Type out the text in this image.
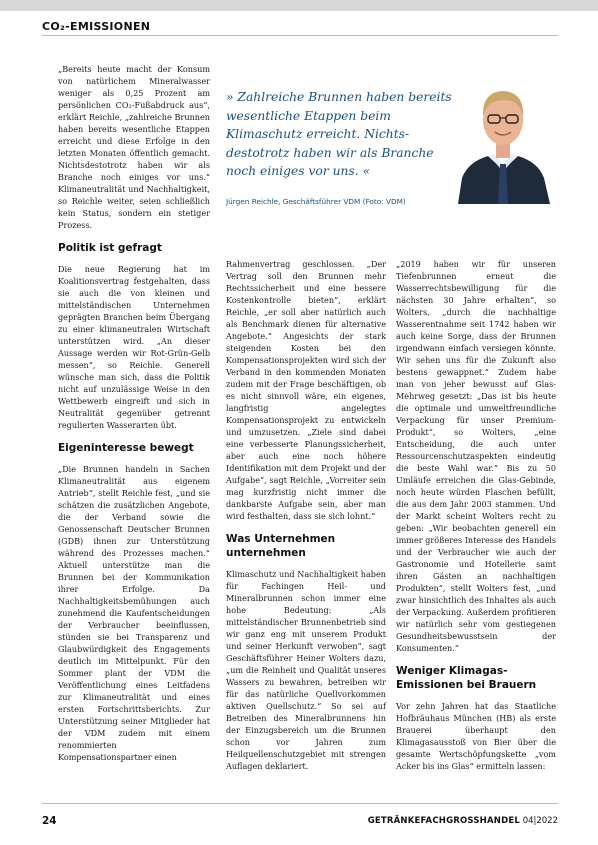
CO₂-EMISSIONEN
» Zahlreiche Brunnen haben bereits wesentliche Etappen beim Klimaschutz erreicht. Nichtsdestotrotz haben wir als Branche noch einiges vor uns. «
Jürgen Reichle, Geschäftsführer VDM (Foto: VDM)

„Bereits heute macht der Konsum von natürlichem Mineralwasser weniger als 0,25 Prozent am persönlichen CO₂-Fußabdruck aus“, erklärt Reichle, „zahlreiche Brunnen haben bereits wesentliche Etappen erreicht und diese Erfolge in den letzten Monaten öffentlich gemacht. Nichtsdestotrotz haben wir als Branche noch einiges vor uns.“ Klimaneutralität und Nachhaltigkeit, so Reichle weiter, seien schließlich kein Status, sondern ein stetiger Prozess.

Politik ist gefragt

Die neue Regierung hat im Koalitionsvertrag festgehalten, dass sie auch die von kleinen und mittelständischen Unternehmen geprägten Branchen beim Übergang zu einer klimaneutralen Wirtschaft unterstützen wird. „An dieser Aussage werden wir Rot-Grün-Gelb messen“, so Reichle. Generell wünsche man sich, dass die Politik nicht auf unzulässige Weise in den Wettbewerb eingreift und sich in Neutralität gegenüber getrennt regulierten Wasserarten übt.

Eigeninteresse bewegt

„Die Brunnen handeln in Sachen Klimaneutralität aus eigenem Antrieb“, stellt Reichle fest, „und sie schätzen die zusätzlichen Angebote, die der Verband sowie die Genossenschaft Deutscher Brunnen (GDB) ihnen zur Unterstützung während des Prozesses machen.“ Aktuell unterstütze man die Brunnen bei der Kommunikation ihrer Erfolge. Da Nachhaltigkeitsbemühungen auch zunehmend die Kaufentscheidungen der Verbraucher beeinflussen, stünden sie bei Transparenz und Glaubwürdigkeit des Engagements deutlich im Mittelpunkt. Für den Sommer plant der VDM die Veröffentlichung eines Leitfadens zur Klimaneutralität und eines ersten Fortschrittsberichts. Zur Unterstützung seiner Mitglieder hat der VDM zudem mit einem renommierten Kompensationspartner einen

Rahmenvertrag geschlossen. „Der Vertrag soll den Brunnen mehr Rechtssicherheit und eine bessere Kostenkontrolle bieten“, erklärt Reichle, „er soll aber natürlich auch als Benchmark dienen für alternative Angebote.“ Angesichts der stark steigenden Kosten bei den Kompensationsprojekten wird sich der Verband in den kommenden Monaten zudem mit der Frage beschäftigen, ob es nicht sinnvoll wäre, ein eigenes, langfristig angelegtes Kompensationsprojekt zu entwickeln und umzusetzen. „Ziele sind dabei eine verbesserte Planungssicherheit, aber auch eine noch höhere Identifikation mit dem Projekt und der Aufgabe“, sagt Reichle, „Vorreiter sein mag kurzfristig nicht immer die dankbarste Aufgabe sein, aber man wird festhalten, dass sie sich lohnt.“

Was Unternehmen unternehmen

Klimaschutz und Nachhaltigkeit haben für Fachingen Heil- und Mineralbrunnen schon immer eine hohe Bedeutung: „Als mittelständischer Brunnenbetrieb sind wir ganz eng mit unserem Produkt und seiner Herkunft verwoben“, sagt Geschäftsführer Heiner Wolters dazu, „um die Reinheit und Qualität unseres Wassers zu bewahren, betreiben wir für das natürliche Quellvorkommen aktiven Quellschutz.“ So sei auf Betreiben des Mineralbrunnens hin der Einzugsbereich um die Brunnen schon vor Jahren zum Heilquellenschutzgebiet mit strengen Auflagen deklariert.

„2019 haben wir für unseren Tiefenbrunnen erneut die Wasserrechtsbewilligung für die nächsten 30 Jahre erhalten“, so Wolters, „durch die nachhaltige Wasserentnahme seit 1742 haben wir auch keine Sorge, dass der Brunnen irgendwann einfach versiegen könnte. Wir sehen uns für die Zukunft also bestens gewappnet.“ Zudem habe man von jeher bewusst auf Glas-Mehrweg gesetzt: „Das ist bis heute die optimale und umweltfreundliche Verpackung für unser Premium-Produkt“, so Wolters, „eine Entscheidung, die auch unter Ressourcenschutzaspekten eindeutig die beste Wahl war.“ Bis zu 50 Umläufe erreichen die Glas-Gebinde, noch heute würden Flaschen befüllt, die aus dem Jahr 2003 stammen. Und der Markt scheint Wolters recht zu geben: „Wir beobachten generell ein immer größeres Interesse des Handels und der Verbraucher wie auch der Gastronomie und Hotellerie samt ihren Gästen an nachhaltigen Produkten“, stellt Wolters fest, „und zwar hinsichtlich des Inhaltes als auch der Verpackung. Außerdem profitieren wir natürlich sehr vom gestiegenen Gesundheitsbewusstsein der Konsumenten.“

Weniger Klimagas-Emissionen bei Brauern

Vor zehn Jahren hat das Staatliche Hofbräuhaus München (HB) als erste Brauerei überhaupt den Klimagasausstoß von Bier über die gesamte Wertschöpfungskette „vom Acker bis ins Glas“ ermitteln lassen:

24	GETRÄNKEFACHGROSSHANDEL 04|2022
